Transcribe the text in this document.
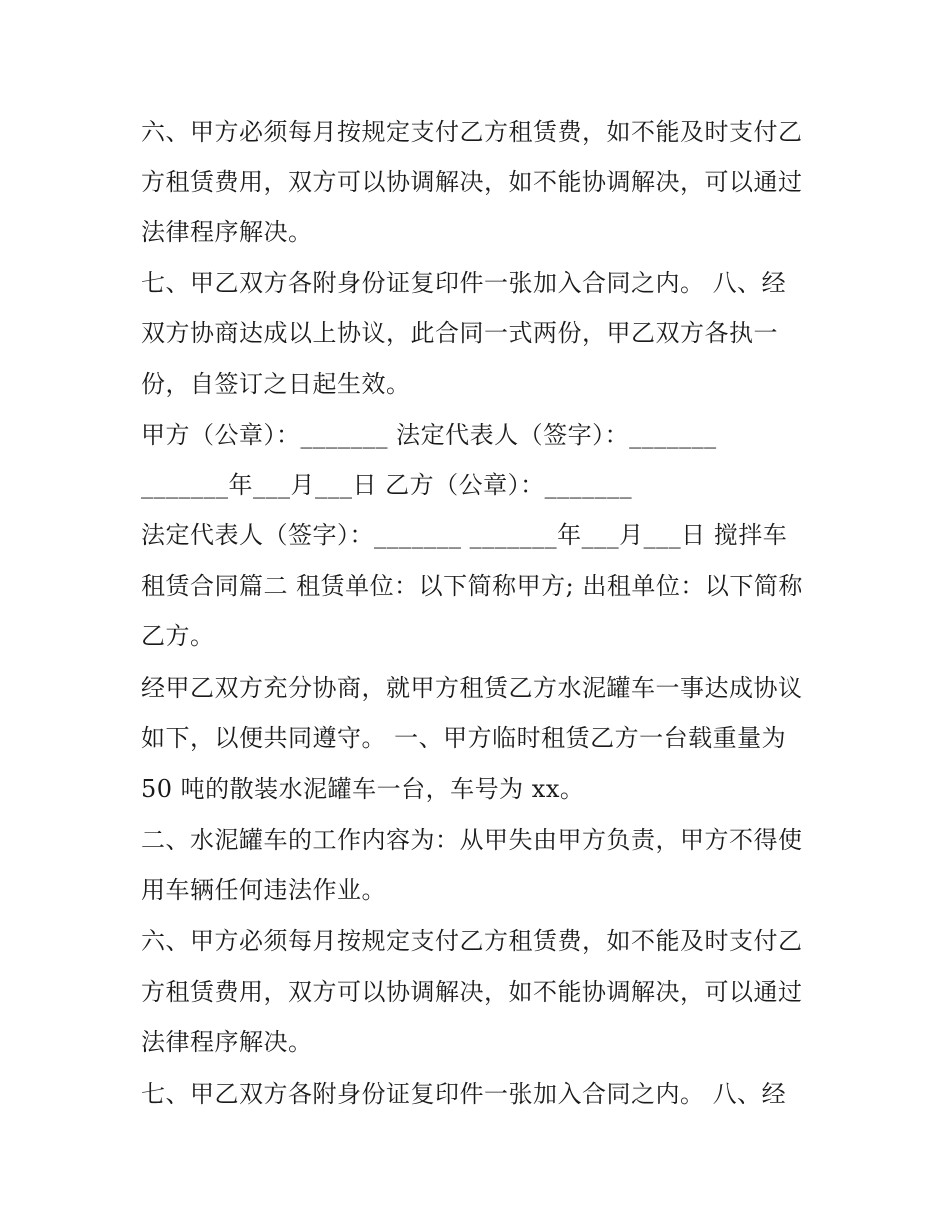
六、甲方必须每月按规定支付乙方租赁费，如不能及时支付乙
方租赁费用，双方可以协调解决，如不能协调解决，可以通过
法律程序解决。
七、甲乙双方各附身份证复印件一张加入合同之内。 八、经
双方协商达成以上协议，此合同一式两份，甲乙双方各执一
份，自签订之日起生效。
甲方（公章）：_______ 法定代表人（签字）：_______
_______年___月___日 乙方（公章）：_______
法定代表人（签字）：_______ _______年___月___日 搅拌车
租赁合同篇二 租赁单位：以下简称甲方; 出租单位：以下简称
乙方。
经甲乙双方充分协商，就甲方租赁乙方水泥罐车一事达成协议
如下，以便共同遵守。 一、甲方临时租赁乙方一台载重量为
50 吨的散装水泥罐车一台，车号为 xx。
二、水泥罐车的工作内容为：从甲失由甲方负责，甲方不得使
用车辆任何违法作业。
六、甲方必须每月按规定支付乙方租赁费，如不能及时支付乙
方租赁费用，双方可以协调解决，如不能协调解决，可以通过
法律程序解决。
七、甲乙双方各附身份证复印件一张加入合同之内。 八、经
